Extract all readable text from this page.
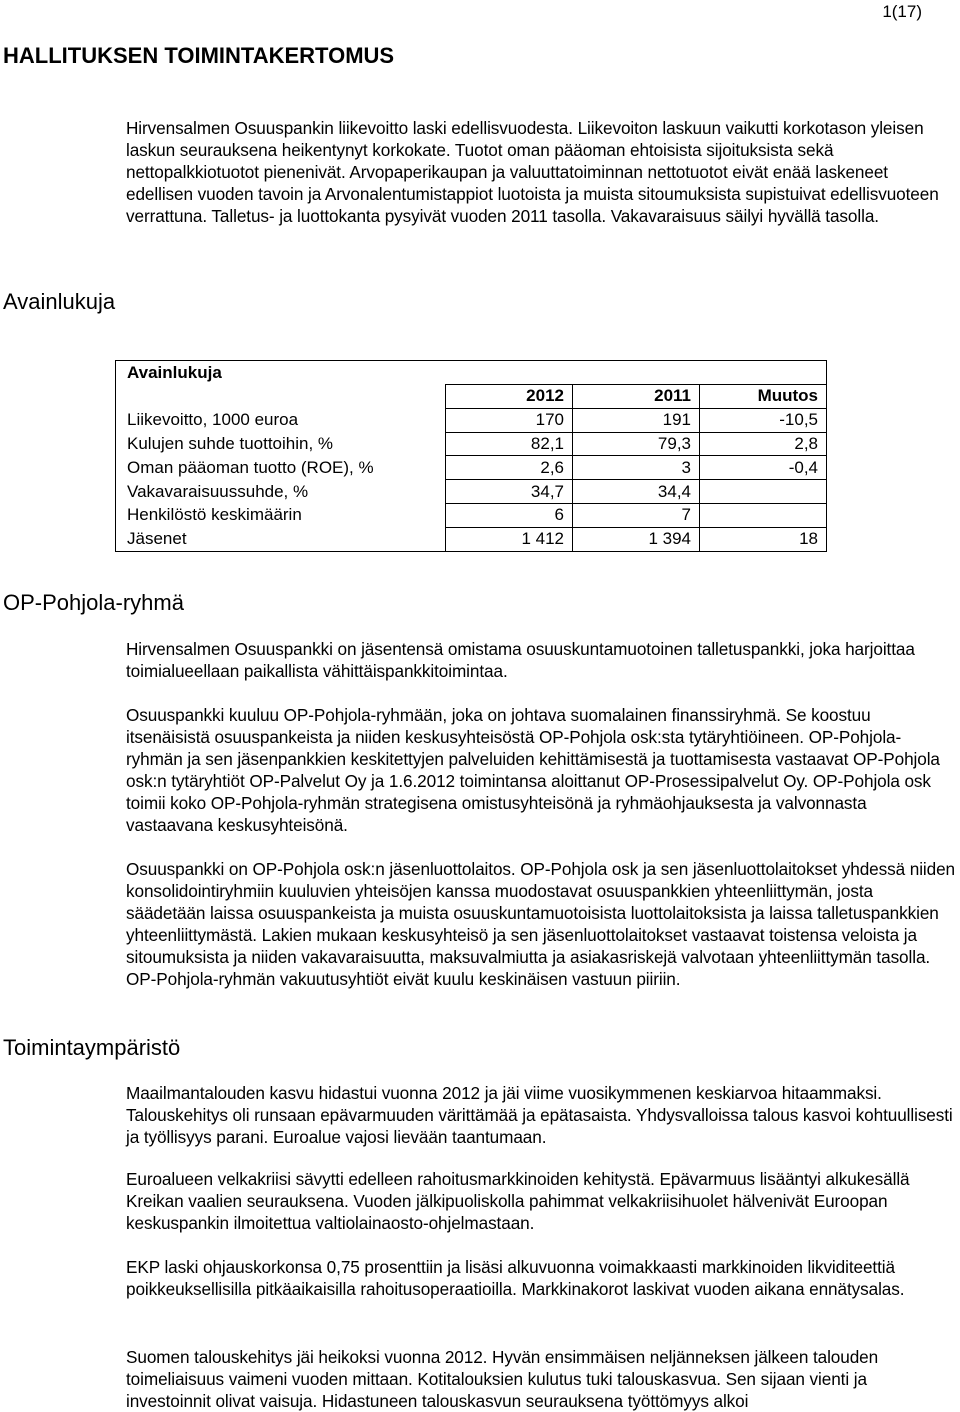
1(17)
HALLITUKSEN TOIMINTAKERTOMUS

Hirvensalmen Osuuspankin liikevoitto laski edellisvuodesta. Liikevoiton laskuun vaikutti korkotason yleisen laskun seurauksena heikentynyt korkokate. Tuotot oman pääoman ehtoisista sijoituksista sekä nettopalkkiotuotot pienenivät. Arvopaperikaupan ja valuuttatoiminnan nettotuotot eivät enää laskeneet edellisen vuoden tavoin ja Arvonalentumistappiot luotoista ja muista sitoumuksista supistuivat edellisvuoteen verrattuna. Talletus- ja luottokanta pysyivät vuoden 2011 tasolla. Vakavaraisuus säilyi hyvällä tasolla.

Avainlukuja
Avainlukuja			
	2012	2011	Muutos
Liikevoitto, 1000 euroa	170	191	-10,5
Kulujen suhde tuottoihin, %	82,1	79,3	2,8
Oman pääoman tuotto (ROE), %	2,6	3	-0,4
Vakavaraisuussuhde, %	34,7	34,4	
Henkilöstö keskimäärin	6	7	
Jäsenet	1 412	1 394	18
OP-Pohjola-ryhmä

Hirvensalmen Osuuspankki on jäsentensä omistama osuuskuntamuotoinen talletuspankki, joka harjoittaa toimialueellaan paikallista vähittäispankkitoimintaa.

Osuuspankki kuuluu OP-Pohjola-ryhmään, joka on johtava suomalainen finanssiryhmä. Se koostuu itsenäisistä osuuspankeista ja niiden keskusyhteisöstä OP-Pohjola osk:sta tytäryhtiöineen. OP-Pohjola-ryhmän ja sen jäsenpankkien keskitettyjen palveluiden kehittämisestä ja tuottamisesta vastaavat OP-Pohjola osk:n tytäryhtiöt OP-Palvelut Oy ja 1.6.2012 toimintansa aloittanut OP-Prosessipalvelut Oy. OP-Pohjola osk toimii koko OP-Pohjola-ryhmän strategisena omistusyhteisönä ja ryhmäohjauksesta ja valvonnasta vastaavana keskusyhteisönä.

Osuuspankki on OP-Pohjola osk:n jäsenluottolaitos. OP-Pohjola osk ja sen jäsenluottolaitokset yhdessä niiden konsolidointiryhmiin kuuluvien yhteisöjen kanssa muodostavat osuuspankkien yhteenliittymän, josta säädetään laissa osuuspankeista ja muista osuuskuntamuotoisista luottolaitoksista ja laissa talletuspankkien yhteenliittymästä. Lakien mukaan keskusyhteisö ja sen jäsenluottolaitokset vastaavat toistensa veloista ja sitoumuksista ja niiden vakavaraisuutta, maksuvalmiutta ja asiakasriskejä valvotaan yhteenliittymän tasolla. OP-Pohjola-ryhmän vakuutusyhtiöt eivät kuulu keskinäisen vastuun piiriin.

Toimintaympäristö

Maailmantalouden kasvu hidastui vuonna 2012 ja jäi viime vuosikymmenen keskiarvoa hitaammaksi. Talouskehitys oli runsaan epävarmuuden värittämää ja epätasaista. Yhdysvalloissa talous kasvoi kohtuullisesti ja työllisyys parani. Euroalue vajosi lievään taantumaan.

Euroalueen velkakriisi sävytti edelleen rahoitusmarkkinoiden kehitystä. Epävarmuus lisääntyi alkukesällä Kreikan vaalien seurauksena. Vuoden jälkipuoliskolla pahimmat velkakriisihuolet hälvenivät Euroopan keskuspankin ilmoitettua valtiolainaosto-ohjelmastaan.

EKP laski ohjauskorkonsa 0,75 prosenttiin ja lisäsi alkuvuonna voimakkaasti markkinoiden likviditeettiä poikkeuksellisilla pitkäaikaisilla rahoitusoperaatioilla. Markkinakorot laskivat vuoden aikana ennätysalas.

Suomen talouskehitys jäi heikoksi vuonna 2012. Hyvän ensimmäisen neljänneksen jälkeen talouden toimeliaisuus vaimeni vuoden mittaan. Kotitalouksien kulutus tuki talouskasvua. Sen sijaan vienti ja investoinnit olivat vaisuja. Hidastuneen talouskasvun seurauksena työttömyys alkoi
